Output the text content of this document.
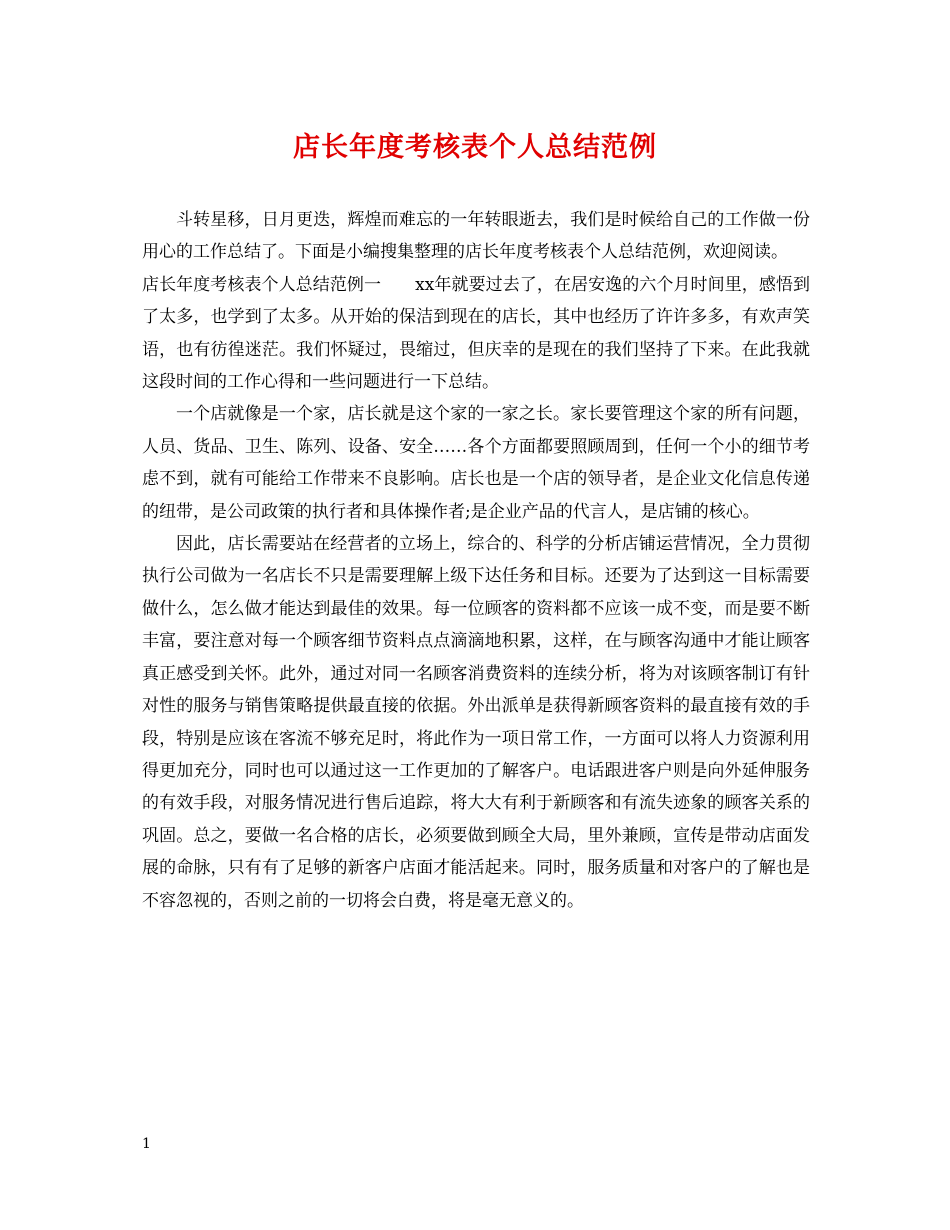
店长年度考核表个人总结范例

斗转星移，日月更迭，辉煌而难忘的一年转眼逝去，我们是时候给自己的工作做一份用心的工作总结了。下面是小编搜集整理的店长年度考核表个人总结范例，欢迎阅读。

店长年度考核表个人总结范例一　　xx年就要过去了，在居安逸的六个月时间里，感悟到了太多，也学到了太多。从开始的保洁到现在的店长，其中也经历了许许多多，有欢声笑语，也有彷徨迷茫。我们怀疑过，畏缩过，但庆幸的是现在的我们坚持了下来。在此我就这段时间的工作心得和一些问题进行一下总结。

一个店就像是一个家，店长就是这个家的一家之长。家长要管理这个家的所有问题，人员、货品、卫生、陈列、设备、安全……各个方面都要照顾周到，任何一个小的细节考虑不到，就有可能给工作带来不良影响。店长也是一个店的领导者，是企业文化信息传递的纽带，是公司政策的执行者和具体操作者;是企业产品的代言人，是店铺的核心。

因此，店长需要站在经营者的立场上，综合的、科学的分析店铺运营情况，全力贯彻执行公司做为一名店长不只是需要理解上级下达任务和目标。还要为了达到这一目标需要做什么，怎么做才能达到最佳的效果。每一位顾客的资料都不应该一成不变，而是要不断丰富，要注意对每一个顾客细节资料点点滴滴地积累，这样，在与顾客沟通中才能让顾客真正感受到关怀。此外，通过对同一名顾客消费资料的连续分析，将为对该顾客制订有针对性的服务与销售策略提供最直接的依据。外出派单是获得新顾客资料的最直接有效的手段，特别是应该在客流不够充足时，将此作为一项日常工作，一方面可以将人力资源利用得更加充分，同时也可以通过这一工作更加的了解客户。电话跟进客户则是向外延伸服务的有效手段，对服务情况进行售后追踪，将大大有利于新顾客和有流失迹象的顾客关系的巩固。总之，要做一名合格的店长，必须要做到顾全大局，里外兼顾，宣传是带动店面发展的命脉，只有有了足够的新客户店面才能活起来。同时，服务质量和对客户的了解也是不容忽视的，否则之前的一切将会白费，将是毫无意义的。

1
